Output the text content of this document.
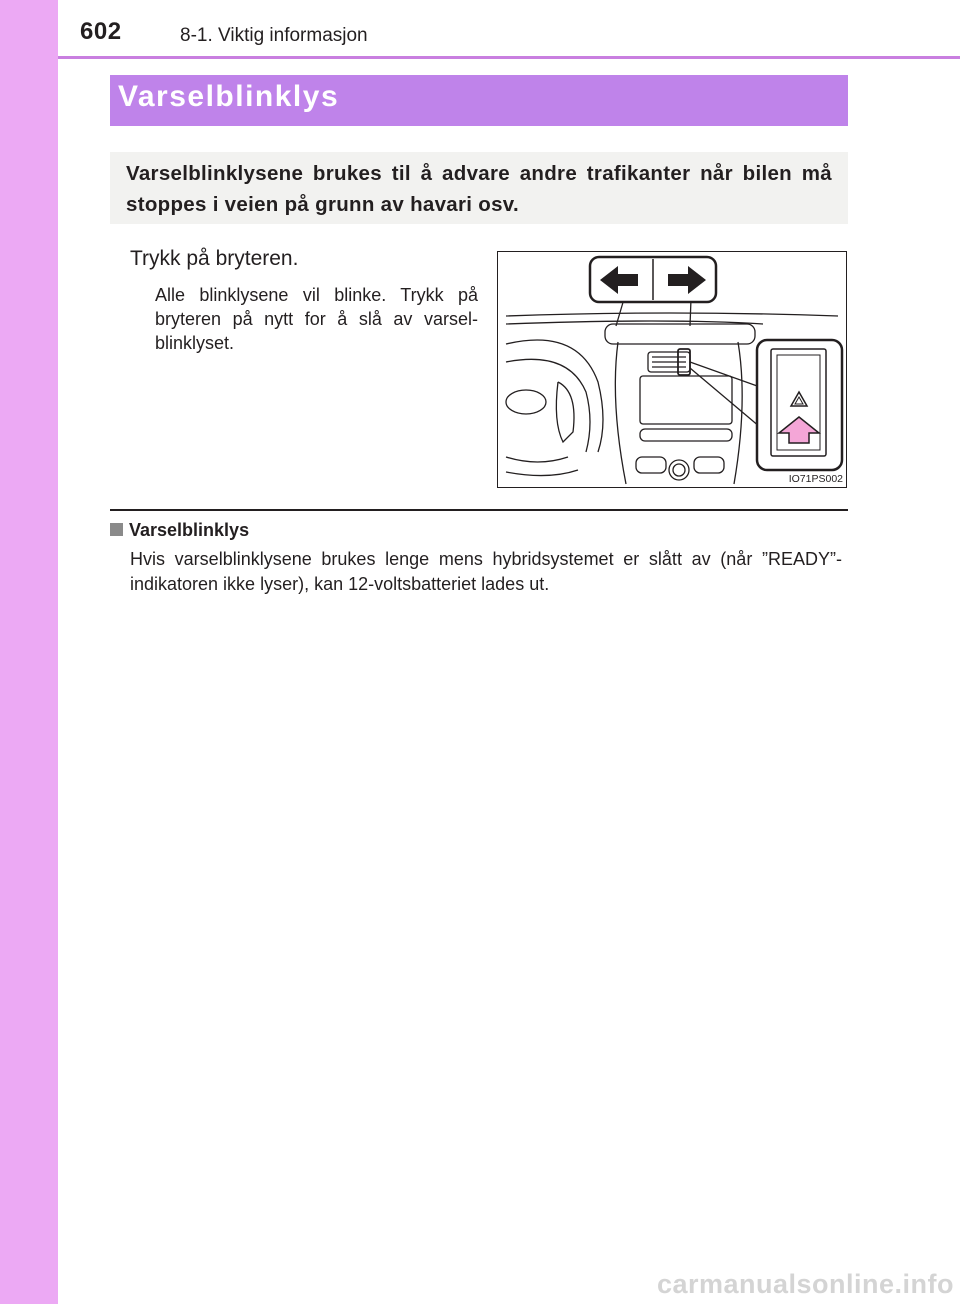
602	8-1. Viktig informasjon
Varselblinklys
Varselblinklysene brukes til å advare andre trafikanter når bilen må stoppes i veien på grunn av havari osv.
Trykk på bryteren.
Alle blinklysene vil blinke. Trykk på bryteren på nytt for å slå av varsel-blinklyset.
IO71PS002
Varselblinklys
Hvis varselblinklysene brukes lenge mens hybridsystemet er slått av (når ”READY”-indikatoren ikke lyser), kan 12-voltsbatteriet lades ut.
carmanualsonline.info
